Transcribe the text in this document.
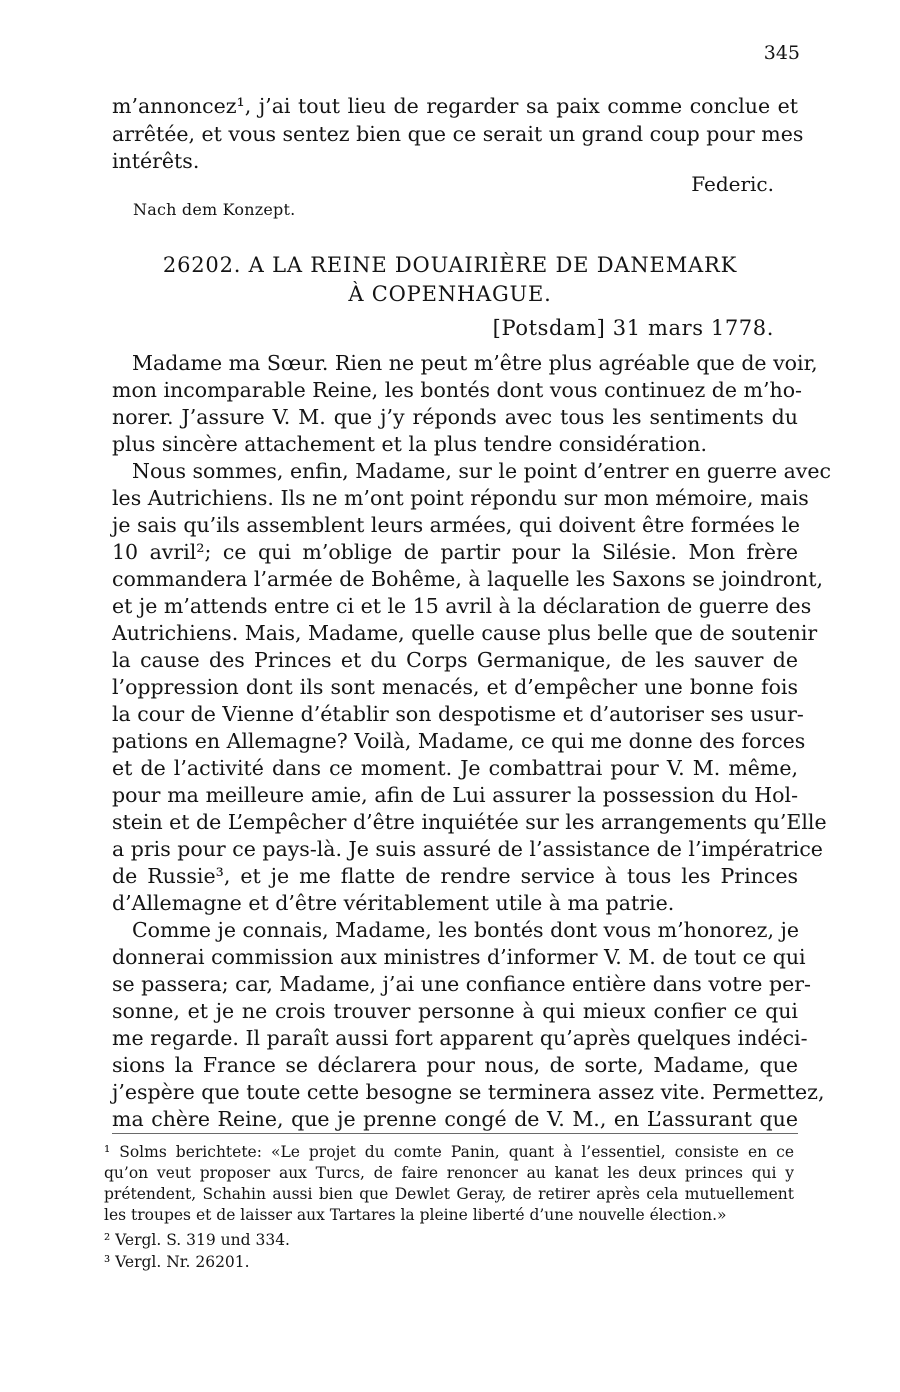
345
m’annoncez¹, j’ai tout lieu de regarder sa paix comme conclue et
arrêtée, et vous sentez bien que ce serait un grand coup pour mes
intérêts.
Federic.
Nach dem Konzept.
26202. A LA REINE DOUAIRIÈRE DE DANEMARK
À COPENHAGUE.
[Potsdam] 31 mars 1778.
Madame ma Sœur. Rien ne peut m’être plus agréable que de voir,
mon incomparable Reine, les bontés dont vous continuez de m’ho-
norer. J’assure V. M. que j’y réponds avec tous les sentiments du
plus sincère attachement et la plus tendre considération.
Nous sommes, enfin, Madame, sur le point d’entrer en guerre avec
les Autrichiens. Ils ne m’ont point répondu sur mon mémoire, mais
je sais qu’ils assemblent leurs armées, qui doivent être formées le
10 avril²; ce qui m’oblige de partir pour la Silésie. Mon frère
commandera l’armée de Bohême, à laquelle les Saxons se joindront,
et je m’attends entre ci et le 15 avril à la déclaration de guerre des
Autrichiens. Mais, Madame, quelle cause plus belle que de soutenir
la cause des Princes et du Corps Germanique, de les sauver de
l’oppression dont ils sont menacés, et d’empêcher une bonne fois
la cour de Vienne d’établir son despotisme et d’autoriser ses usur-
pations en Allemagne? Voilà, Madame, ce qui me donne des forces
et de l’activité dans ce moment. Je combattrai pour V. M. même,
pour ma meilleure amie, afin de Lui assurer la possession du Hol-
stein et de L’empêcher d’être inquiétée sur les arrangements qu’Elle
a pris pour ce pays-là. Je suis assuré de l’assistance de l’impératrice
de Russie³, et je me flatte de rendre service à tous les Princes
d’Allemagne et d’être véritablement utile à ma patrie.
Comme je connais, Madame, les bontés dont vous m’honorez, je
donnerai commission aux ministres d’informer V. M. de tout ce qui
se passera; car, Madame, j’ai une confiance entière dans votre per-
sonne, et je ne crois trouver personne à qui mieux confier ce qui
me regarde. Il paraît aussi fort apparent qu’après quelques indéci-
sions la France se déclarera pour nous, de sorte, Madame, que
j’espère que toute cette besogne se terminera assez vite. Permettez,
ma chère Reine, que je prenne congé de V. M., en L’assurant que
¹ Solms berichtete: «Le projet du comte Panin, quant à l’essentiel, consiste en ce
qu’on veut proposer aux Turcs, de faire renoncer au kanat les deux princes qui y
prétendent, Schahin aussi bien que Dewlet Geray, de retirer après cela mutuellement
les troupes et de laisser aux Tartares la pleine liberté d’une nouvelle élection.»
² Vergl. S. 319 und 334.
³ Vergl. Nr. 26201.
